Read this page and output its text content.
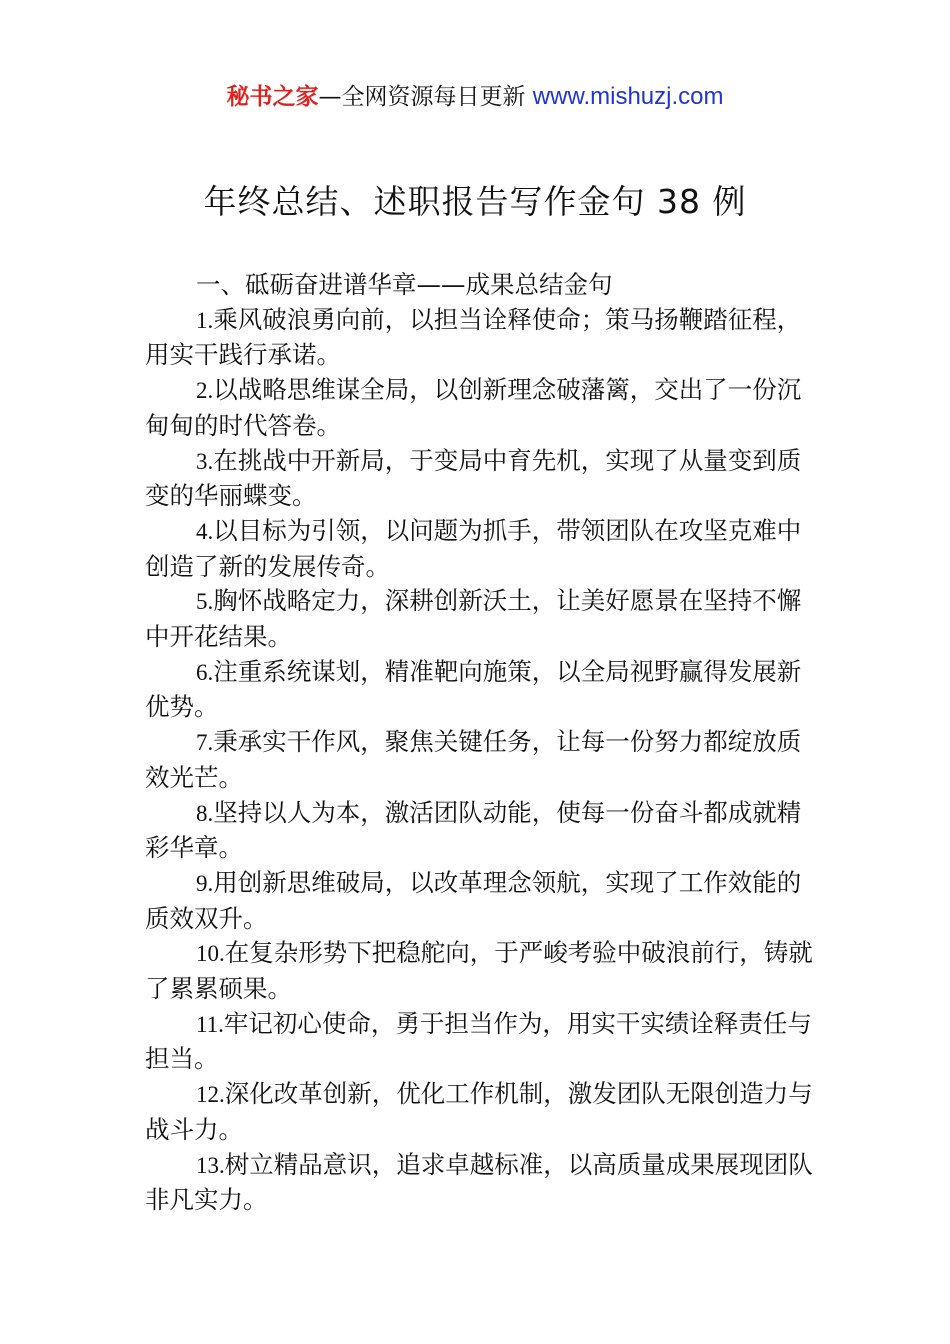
秘书之家—全网资源每日更新 www.mishuzj.com
年终总结、述职报告写作金句 38 例

一、砥砺奋进谱华章——成果总结金句

1.乘风破浪勇向前，以担当诠释使命；策马扬鞭踏征程，用实干践行承诺。

2.以战略思维谋全局，以创新理念破藩篱，交出了一份沉甸甸的时代答卷。

3.在挑战中开新局，于变局中育先机，实现了从量变到质变的华丽蝶变。

4.以目标为引领，以问题为抓手，带领团队在攻坚克难中创造了新的发展传奇。

5.胸怀战略定力，深耕创新沃土，让美好愿景在坚持不懈中开花结果。

6.注重系统谋划，精准靶向施策，以全局视野赢得发展新优势。

7.秉承实干作风，聚焦关键任务，让每一份努力都绽放质效光芒。

8.坚持以人为本，激活团队动能，使每一份奋斗都成就精彩华章。

9.用创新思维破局，以改革理念领航，实现了工作效能的质效双升。

10.在复杂形势下把稳舵向，于严峻考验中破浪前行，铸就了累累硕果。

11.牢记初心使命，勇于担当作为，用实干实绩诠释责任与担当。

12.深化改革创新，优化工作机制，激发团队无限创造力与战斗力。

13.树立精品意识，追求卓越标准，以高质量成果展现团队非凡实力。
